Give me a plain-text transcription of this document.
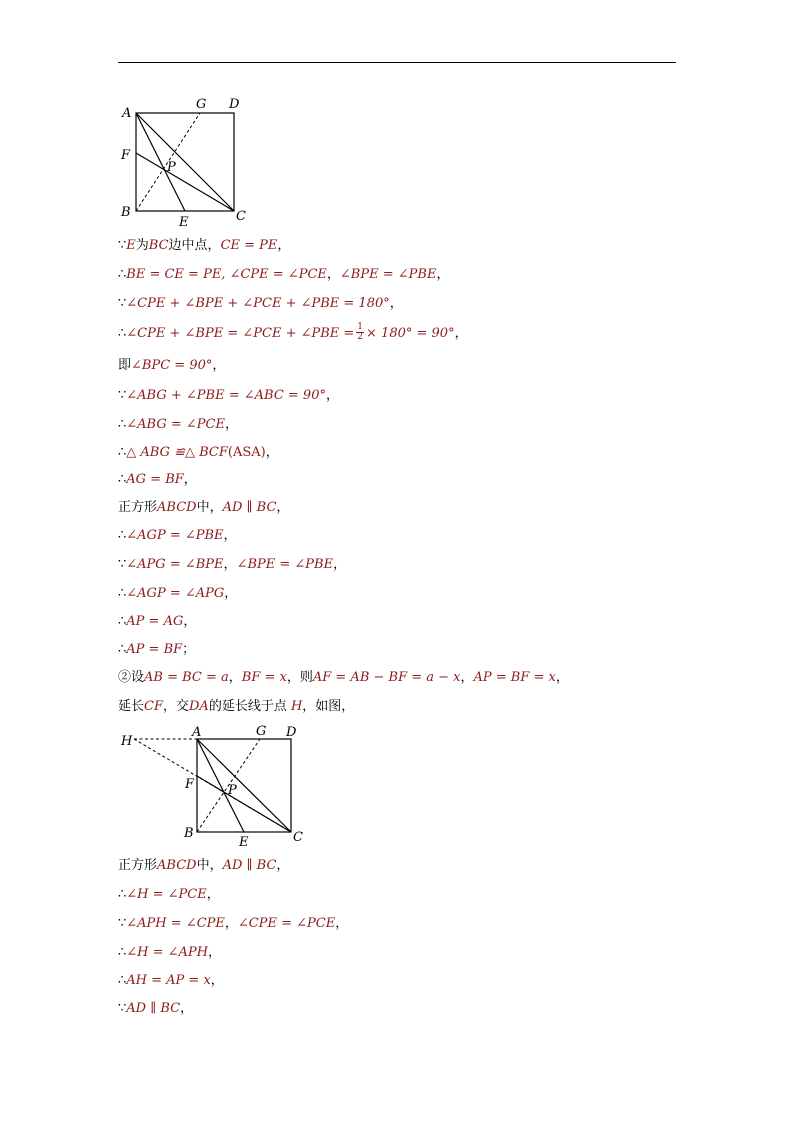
A
G D
F
P
B
E	C
∵E为BC边中点，CE = PE，
∴BE = CE = PE, ∠CPE = ∠PCE，∠BPE = ∠PBE，
∵∠CPE + ∠BPE + ∠PCE + ∠PBE = 180°，
∴∠CPE + ∠BPE = ∠PCE + ∠PBE = $\frac{1}{2} \times 180^\circ = 90^\circ$，
即∠BPC = 90°，
∵∠ABG + ∠PBE = ∠ABC = 90°，
∴∠ABG = ∠PCE，
∴△ ABG ≌△ BCF(ASA)，
∴AG = BF，
正方形ABCD中，AD ∥ BC，
∴∠AGP = ∠PBE，
∵∠APG = ∠BPE，∠BPE = ∠PBE，
∴∠AGP = ∠APG，
∴AP = AG，
∴AP = BF；
②设AB = BC = a，BF = x，则AF = AB − BF = a − x，AP = BF = x，
延长CF，交DA的延长线于点 H，如图，
H
A	G D
F	P
B
E	C
正方形ABCD中，AD ∥ BC，
∴∠H = ∠PCE，
∵∠APH = ∠CPE，∠CPE = ∠PCE，
∴∠H = ∠APH，
∴AH = AP = x，
∵AD ∥ BC，
